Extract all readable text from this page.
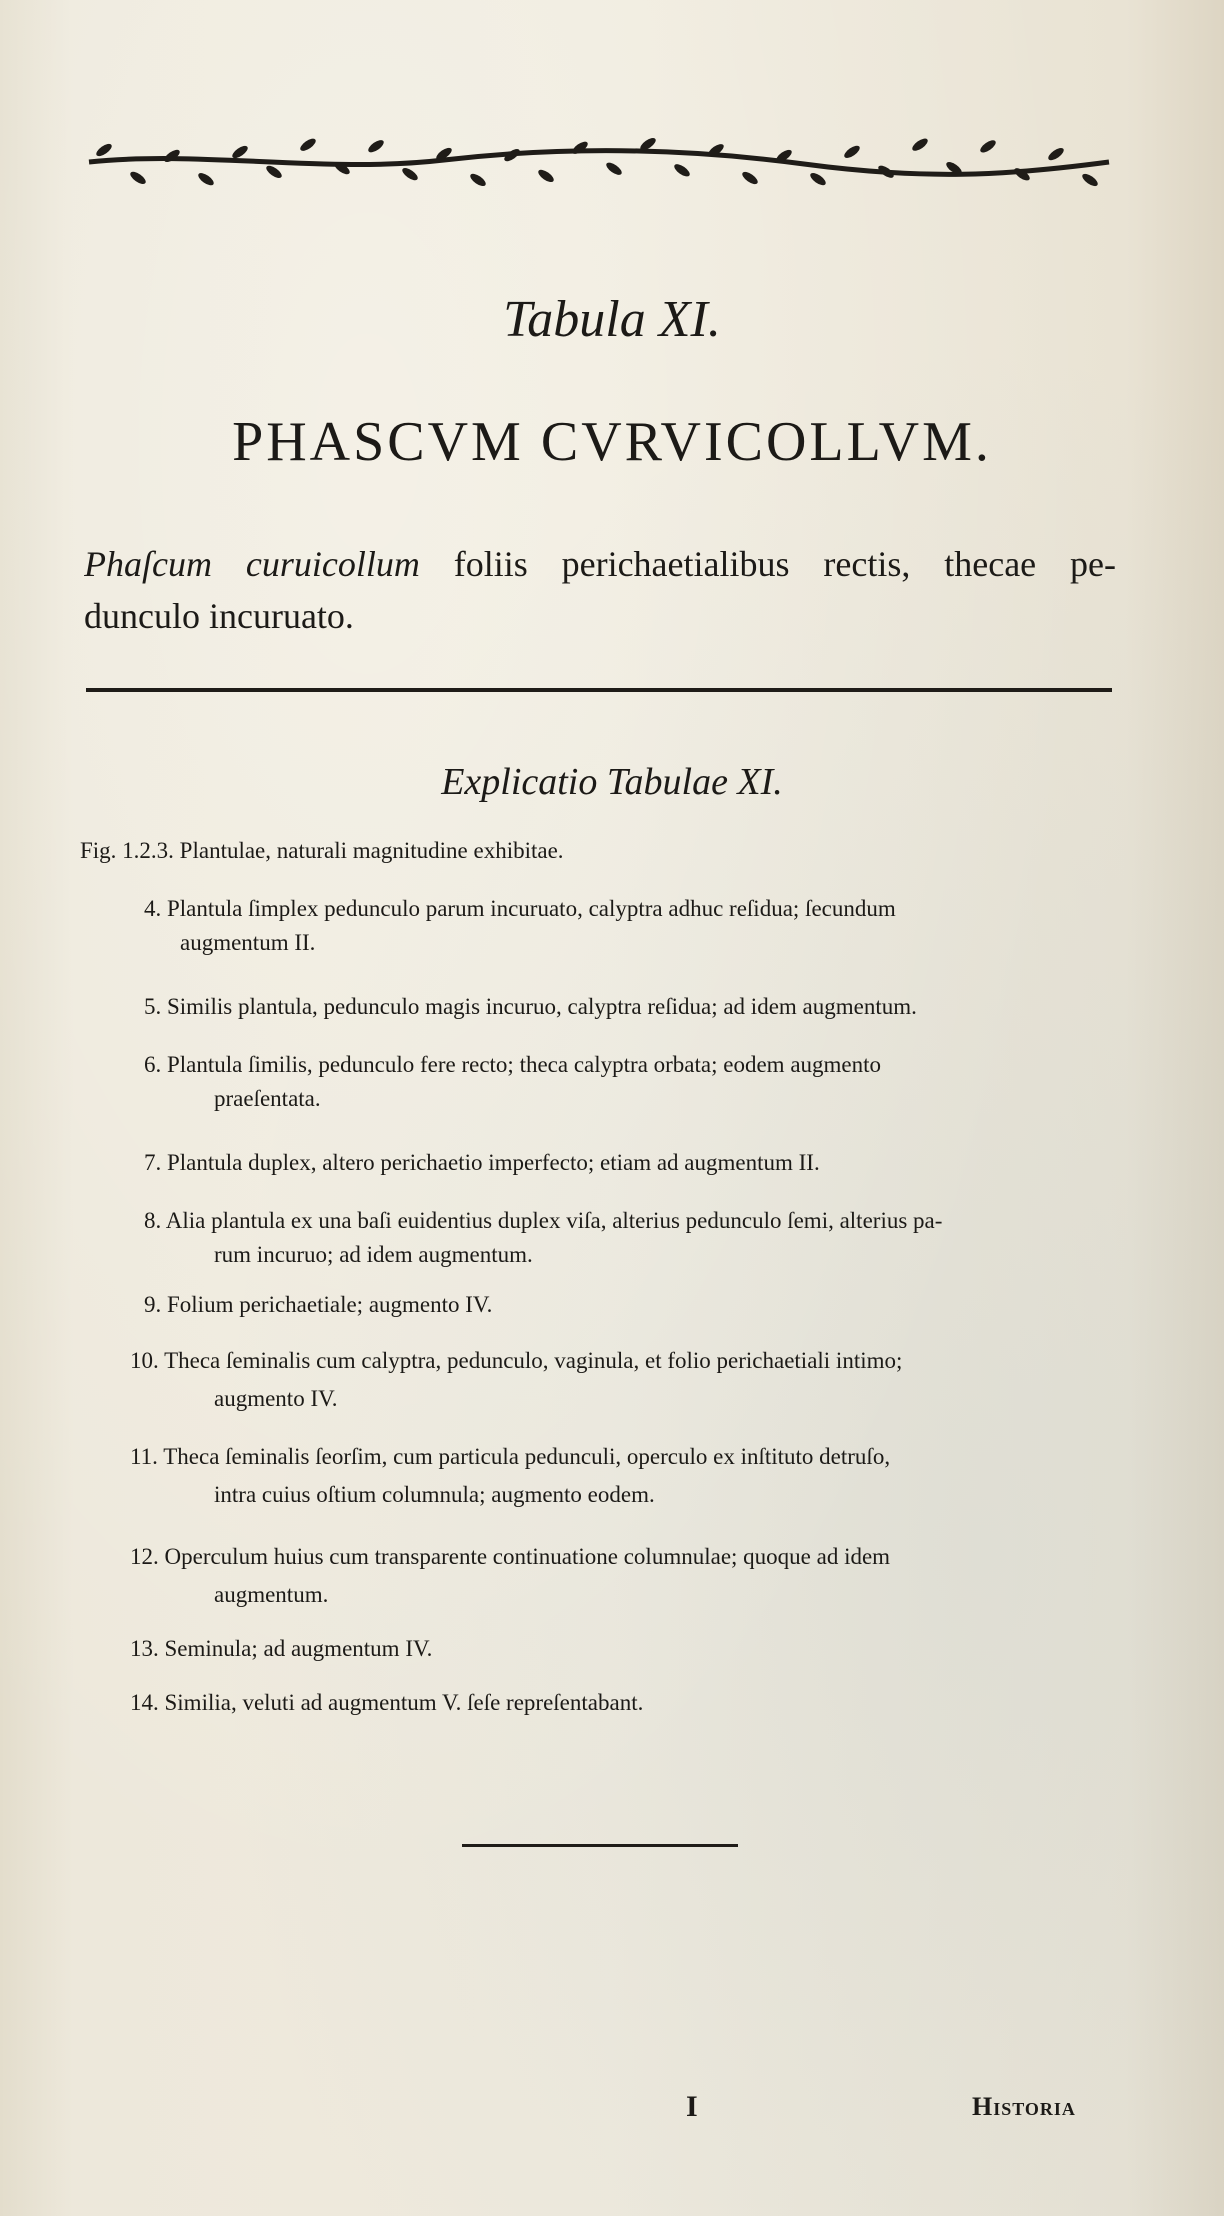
Tabula XI.
PHASCVM CVRVICOLLVM.
Phaſcum curuicollum foliis perichaetialibus rectis, thecae pe-
dunculo incuruato.
Explicatio Tabulae XI.
Fig. 1.2.3. Plantulae, naturali magnitudine exhibitae.
4. Plantula ſimplex pedunculo parum incuruato, calyptra adhuc reſidua; ſecundum
augmentum II.
5. Similis plantula, pedunculo magis incuruo, calyptra reſidua; ad idem augmentum.
6. Plantula ſimilis, pedunculo fere recto; theca calyptra orbata; eodem augmento
praeſentata.
7. Plantula duplex, altero perichaetio imperfecto; etiam ad augmentum II.
8. Alia plantula ex una baſi euidentius duplex viſa, alterius pedunculo ſemi, alterius pa-
rum incuruo; ad idem augmentum.
9. Folium perichaetiale; augmento IV.
10. Theca ſeminalis cum calyptra, pedunculo, vaginula, et folio perichaetiali intimo;
augmento IV.
11. Theca ſeminalis ſeorſim, cum particula pedunculi, operculo ex inſtituto detruſo,
intra cuius oſtium columnula; augmento eodem.
12. Operculum huius cum transparente continuatione columnulae; quoque ad idem
augmentum.
13. Seminula; ad augmentum IV.
14. Similia, veluti ad augmentum V. ſeſe repreſentabant.
I	Historia
